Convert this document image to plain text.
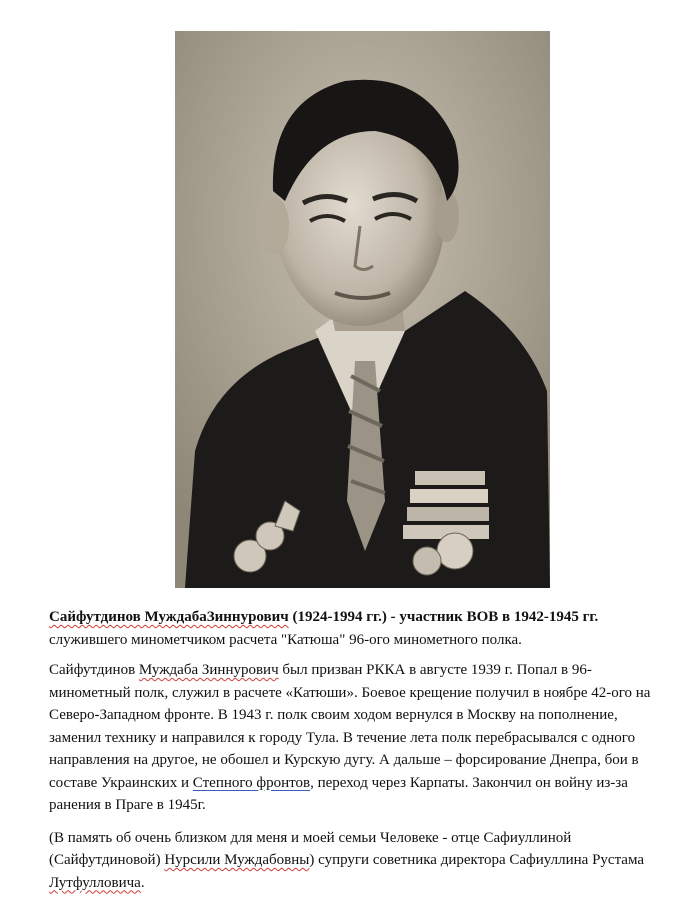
Сайфутдинов МуждабаЗиннурович (1924-1994 гг.) - участник ВОВ в 1942-1945 гг.

служившего минометчиком расчета "Катюша" 96-ого минометного полка.

Сайфутдинов Муждаба Зиннурович был призван РККА в августе 1939 г. Попал в 96-минометный полк, служил в расчете «Катюши». Боевое крещение получил в ноябре 42-ого на Северо-Западном фронте. В 1943 г. полк своим ходом вернулся в Москву на пополнение, заменил технику и направился к городу Тула. В течение лета полк перебрасывался с одного направления на другое, не обошел и Курскую дугу. А дальше – форсирование Днепра, бои в составе Украинских и Степного фронтов, переход через Карпаты. Закончил он войну из-за ранения в Праге в 1945г.

(В память об очень близком для меня и моей семьи Человеке - отце Сафиуллиной (Сайфутдиновой) Нурсили Муждабовны) супруги советника директора Сафиуллина Рустама Лутфулловича.
